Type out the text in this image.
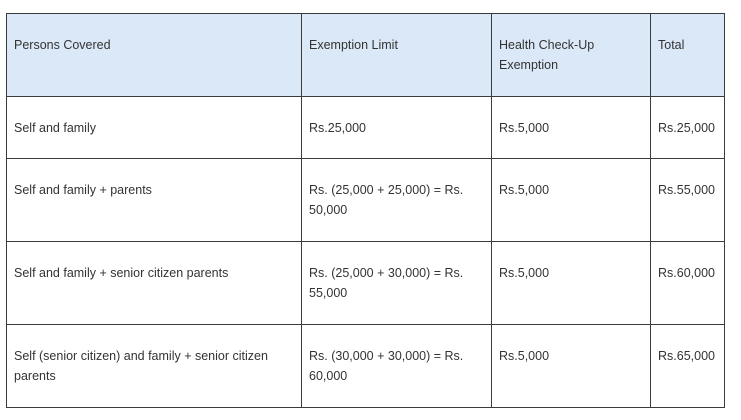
Persons Covered	Exemption Limit	Health Check-Up Exemption	Total
Self and family	Rs.25,000	Rs.5,000	Rs.25,000
Self and family + parents	Rs. (25,000 + 25,000) = Rs. 50,000	Rs.5,000	Rs.55,000
Self and family + senior citizen parents	Rs. (25,000 + 30,000) = Rs. 55,000	Rs.5,000	Rs.60,000
Self (senior citizen) and family + senior citizen parents	Rs. (30,000 + 30,000) = Rs. 60,000	Rs.5,000	Rs.65,000
